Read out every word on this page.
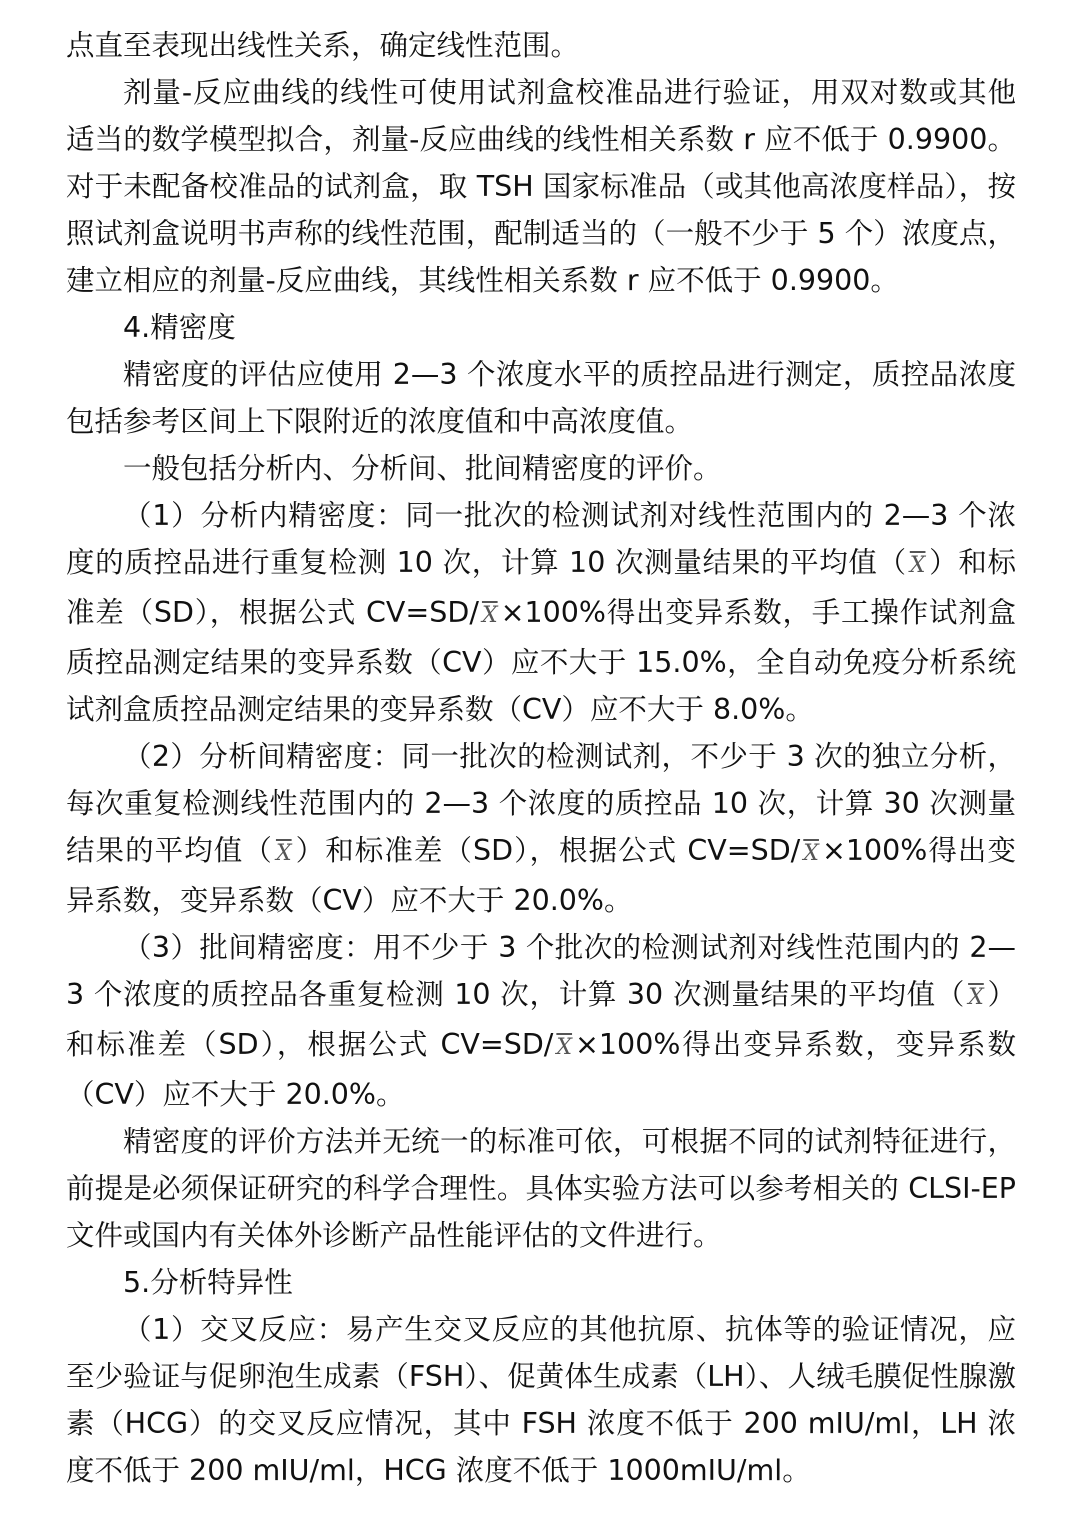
点直至表现出线性关系，确定线性范围。

剂量-反应曲线的线性可使用试剂盒校准品进行验证，用双对数或其他适当的数学模型拟合，剂量-反应曲线的线性相关系数 r 应不低于 0.9900。对于未配备校准品的试剂盒，取 TSH 国家标准品（或其他高浓度样品），按照试剂盒说明书声称的线性范围，配制适当的（一般不少于 5 个）浓度点，建立相应的剂量-反应曲线，其线性相关系数 r 应不低于 0.9900。

4.精密度

精密度的评估应使用 2—3 个浓度水平的质控品进行测定，质控品浓度包括参考区间上下限附近的浓度值和中高浓度值。

一般包括分析内、分析间、批间精密度的评价。

（1）分析内精密度：同一批次的检测试剂对线性范围内的 2—3 个浓度的质控品进行重复检测 10 次，计算 10 次测量结果的平均值（ $\overline{X}$ ）和标准差（SD），根据公式 CV=SD/ $\overline{X} \times 100\%$得出变异系数，手工操作试剂盒质控品测定结果的变异系数（CV）应不大于 15.0%，全自动免疫分析系统试剂盒质控品测定结果的变异系数（CV）应不大于 8.0%。

（2）分析间精密度：同一批次的检测试剂，不少于 3 次的独立分析，每次重复检测线性范围内的 2—3 个浓度的质控品 10 次，计算 30 次测量结果的平均值（ $\overline{X}$ ）和标准差（SD），根据公式 CV=SD/ $\overline{X} \times 100\%$得出变异系数，变异系数（CV）应不大于 20.0%。

（3）批间精密度：用不少于 3 个批次的检测试剂对线性范围内的 2—3 个浓度的质控品各重复检测 10 次，计算 30 次测量结果的平均值（ $\overline{X}$ ）和标准差（SD），根据公式 CV=SD/ $\overline{X} \times 100\%$得出变异系数，变异系数（CV）应不大于 20.0%。

精密度的评价方法并无统一的标准可依，可根据不同的试剂特征进行，前提是必须保证研究的科学合理性。具体实验方法可以参考相关的 CLSI-EP 文件或国内有关体外诊断产品性能评估的文件进行。

5.分析特异性

（1）交叉反应：易产生交叉反应的其他抗原、抗体等的验证情况，应至少验证与促卵泡生成素（FSH）、促黄体生成素（LH）、人绒毛膜促性腺激素（HCG）的交叉反应情况，其中 FSH 浓度不低于 200 mIU/ml，LH 浓度不低于 200 mIU/ml，HCG 浓度不低于 1000mIU/ml。
